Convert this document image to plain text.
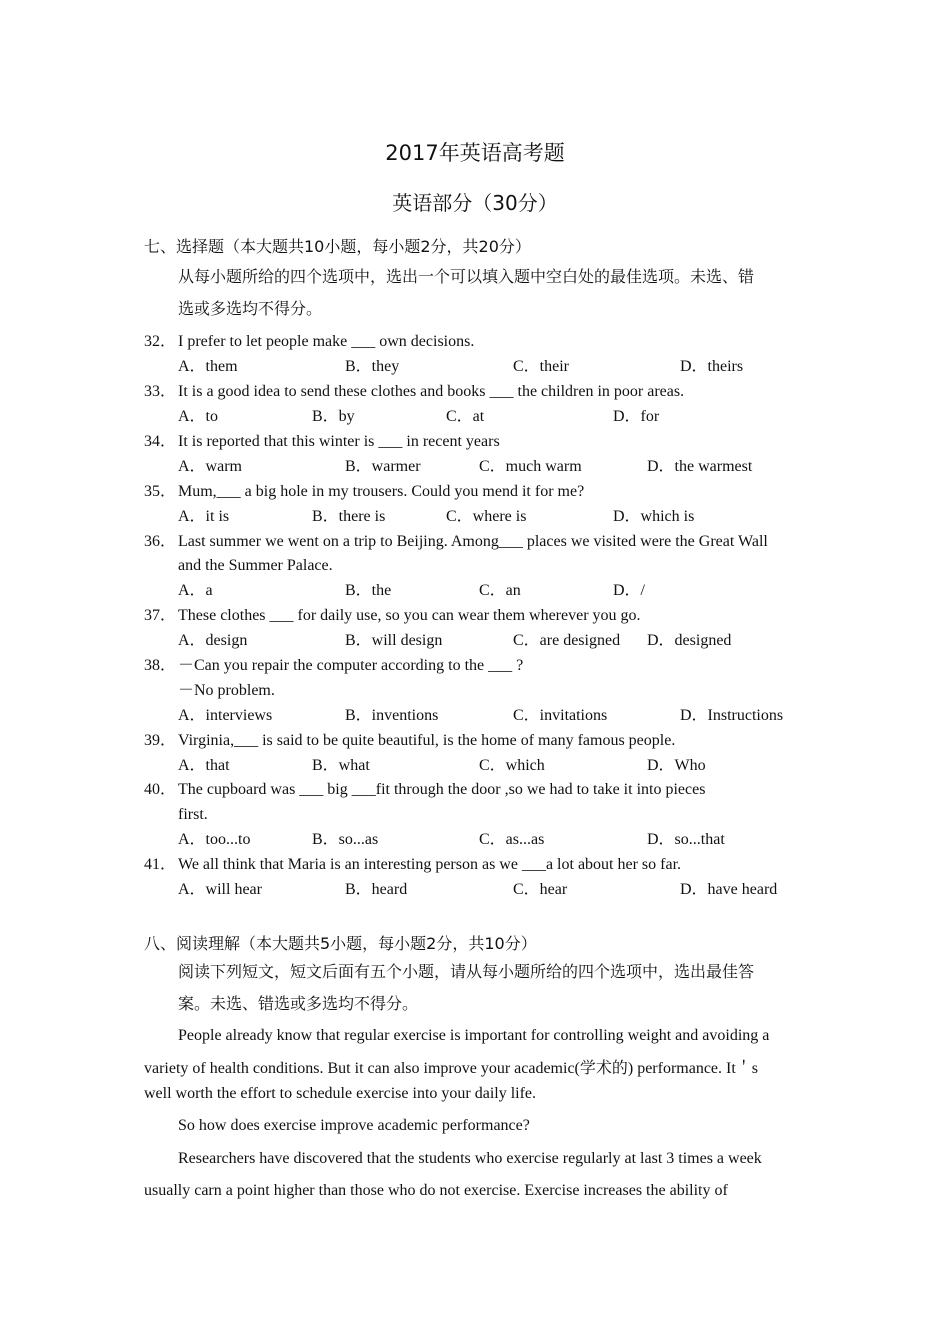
2017年英语高考题
英语部分（30分）
七、选择题（本大题共10小题，每小题2分，共20分）
从每小题所给的四个选项中，选出一个可以填入题中空白处的最佳选项。未选、错
选或多选均不得分。
32． I prefer to let people make ___ own decisions.
A．them	B．they	C．their	D．theirs
33． It is a good idea to send these clothes and books ___ the children in poor areas.
A．to	B．by	C．at	D．for
34． It is reported that this winter is ___ in recent years
A．warm	B．warmer	C．much warm	D．the warmest
35． Mum,___ a big hole in my trousers. Could you mend it for me?
A．it is	B．there is	C．where is	D．which is
36． Last summer we went on a trip to Beijing. Among___ places we visited were the Great Wall
and the Summer Palace.
A．a	B．the	C．an	D．/
37． These clothes ___ for daily use, so you can wear them wherever you go.
A．design	B．will design	C．are designed D．designed
38． －Can you repair the computer according to the ___ ?
－No problem.
A．interviews	B．inventions	C．invitations	D．Instructions
39． Virginia,___ is said to be quite beautiful, is the home of many famous people.
A．that	B．what	C．which	D．Who
40． The cupboard was ___ big ___fit through the door ,so we had to take it into pieces
first.
A．too...to	B．so...as	C．as...as	D．so...that
41． We all think that Maria is an interesting person as we ___a lot about her so far.
A．will hear	B．heard	C．hear	D．have heard
八、阅读理解（本大题共5小题，每小题2分，共10分）
阅读下列短文，短文后面有五个小题，请从每小题所给的四个选项中，选出最佳答
案。未选、错选或多选均不得分。
People already know that regular exercise is important for controlling weight and avoiding a
variety of health conditions. But it can also improve your academic(学术的) performance. It＇s
well worth the effort to schedule exercise into your daily life.
So how does exercise improve academic performance?
Researchers have discovered that the students who exercise regularly at last 3 times a week
usually carn a point higher than those who do not exercise. Exercise increases the ability of
